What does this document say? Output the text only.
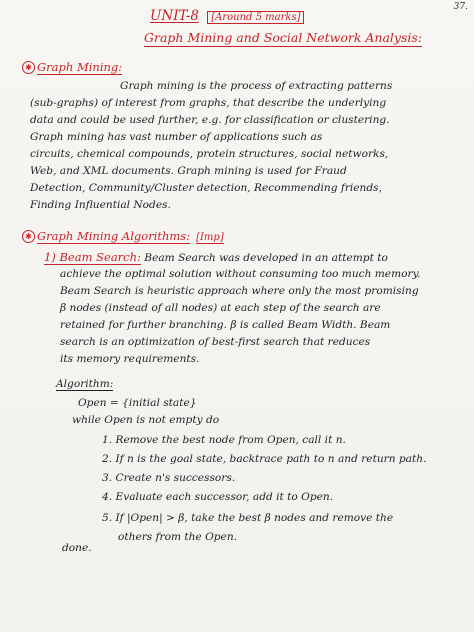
37.
UNIT-8 [Around 5 marks]
Graph Mining and Social Network Analysis:
✱ Graph Mining:
Graph mining is the process of extracting patterns
(sub-graphs) of interest from graphs, that describe the underlying
data and could be used further, e.g. for classification or clustering.
Graph mining has vast number of applications such as
circuits, chemical compounds, protein structures, social networks,
Web, and XML documents. Graph mining is used for Fraud
Detection, Community/Cluster detection, Recommending friends,
Finding Influential Nodes.
✱ Graph Mining Algorithms: [Imp]
1) Beam Search: Beam Search was developed in an attempt to
achieve the optimal solution without consuming too much memory.
Beam Search is heuristic approach where only the most promising
β nodes (instead of all nodes) at each step of the search are
retained for further branching. β is called Beam Width. Beam
search is an optimization of best-first search that reduces
its memory requirements.
Algorithm:
Open = {initial state}
while Open is not empty do
1. Remove the best node from Open, call it n.
2. If n is the goal state, backtrace path to n and return path.
3. Create n's successors.
4. Evaluate each successor, add it to Open.
5. If |Open| > β, take the best β nodes and remove the
others from the Open.
done.
